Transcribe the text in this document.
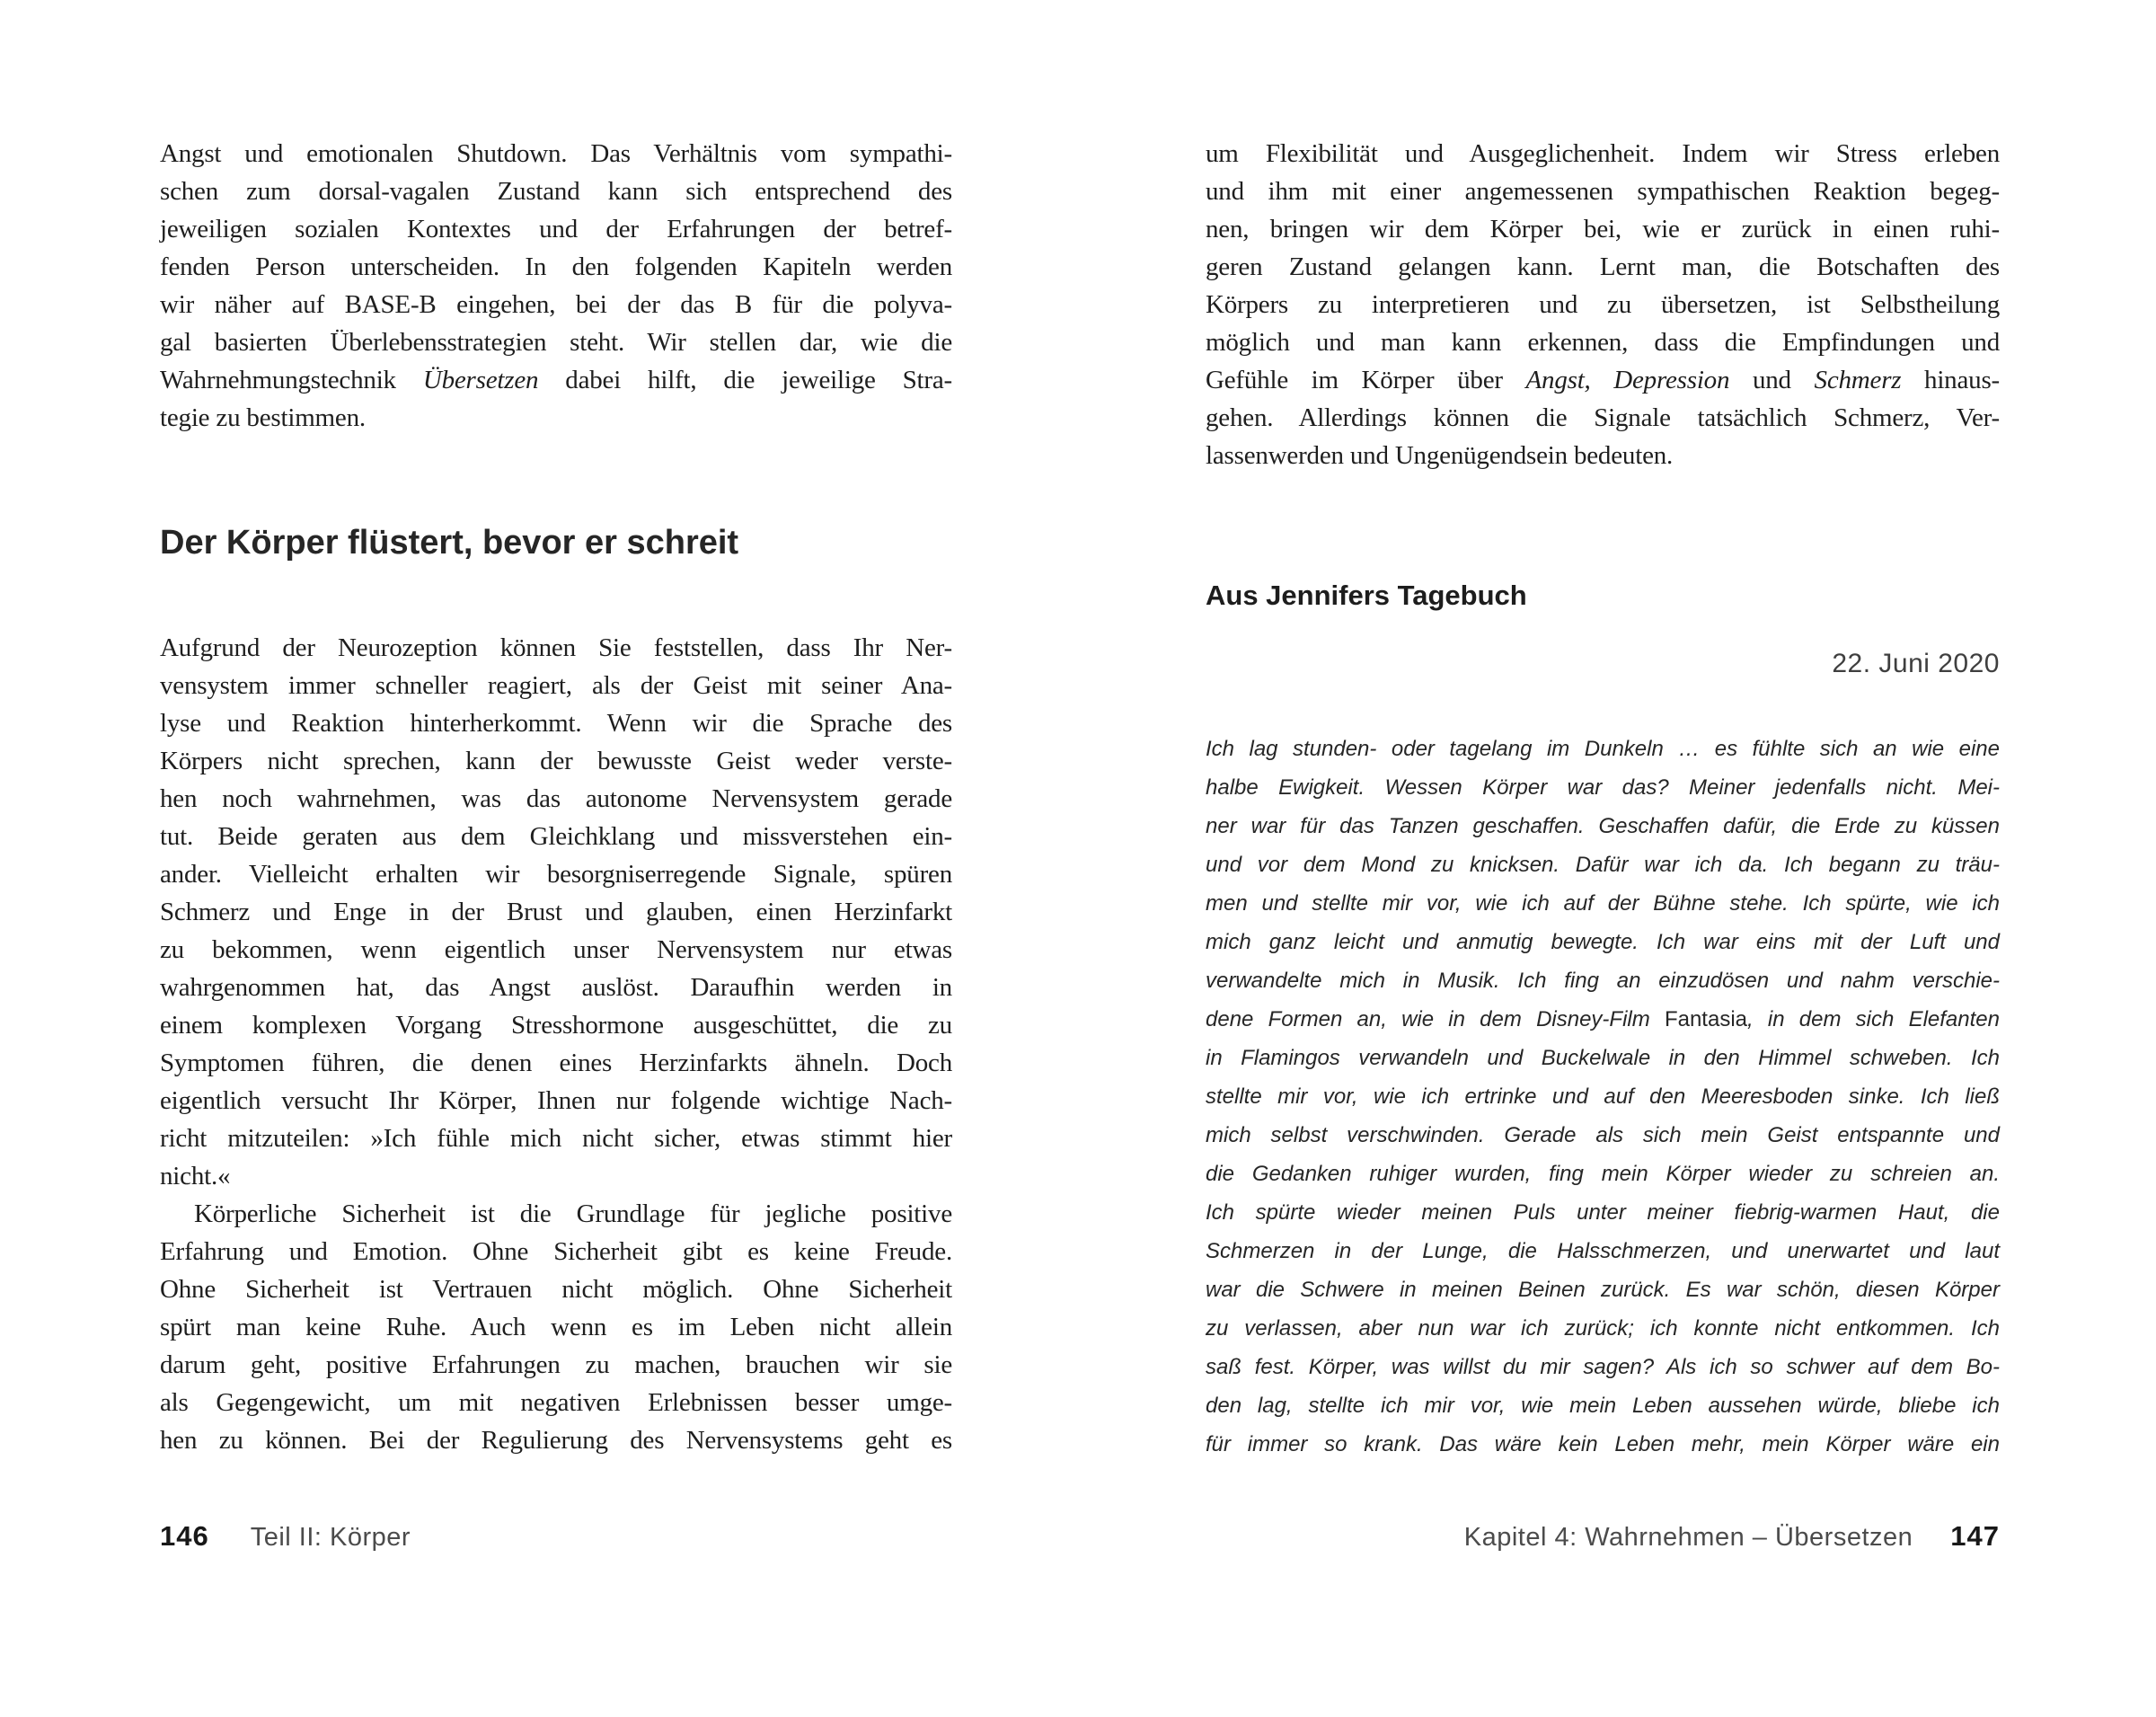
Angst und emotionalen Shutdown. Das Verhältnis vom sympathi-
schen zum dorsal-vagalen Zustand kann sich entsprechend des
jeweiligen sozialen Kontextes und der Erfahrungen der betref-
fenden Person unterscheiden. In den folgenden Kapiteln werden
wir näher auf BASE-B eingehen, bei der das B für die polyva-
gal basierten Überlebensstrategien steht. Wir stellen dar, wie die
Wahrnehmungstechnik Übersetzen dabei hilft, die jeweilige Stra-
tegie zu bestimmen.
Der Körper flüstert, bevor er schreit
Aufgrund der Neurozeption können Sie feststellen, dass Ihr Ner-
vensystem immer schneller reagiert, als der Geist mit seiner Ana-
lyse und Reaktion hinterherkommt. Wenn wir die Sprache des
Körpers nicht sprechen, kann der bewusste Geist weder verste-
hen noch wahrnehmen, was das autonome Nervensystem gerade
tut. Beide geraten aus dem Gleichklang und missverstehen ein-
ander. Vielleicht erhalten wir besorgniserregende Signale, spüren
Schmerz und Enge in der Brust und glauben, einen Herzinfarkt
zu bekommen, wenn eigentlich unser Nervensystem nur etwas
wahrgenommen hat, das Angst auslöst. Daraufhin werden in
einem komplexen Vorgang Stresshormone ausgeschüttet, die zu
Symptomen führen, die denen eines Herzinfarkts ähneln. Doch
eigentlich versucht Ihr Körper, Ihnen nur folgende wichtige Nach-
richt mitzuteilen: »Ich fühle mich nicht sicher, etwas stimmt hier
nicht.«
Körperliche Sicherheit ist die Grundlage für jegliche positive
Erfahrung und Emotion. Ohne Sicherheit gibt es keine Freude.
Ohne Sicherheit ist Vertrauen nicht möglich. Ohne Sicherheit
spürt man keine Ruhe. Auch wenn es im Leben nicht allein
darum geht, positive Erfahrungen zu machen, brauchen wir sie
als Gegengewicht, um mit negativen Erlebnissen besser umge-
hen zu können. Bei der Regulierung des Nervensystems geht es
146 Teil II: Körper
um Flexibilität und Ausgeglichenheit. Indem wir Stress erleben
und ihm mit einer angemessenen sympathischen Reaktion begeg-
nen, bringen wir dem Körper bei, wie er zurück in einen ruhi-
geren Zustand gelangen kann. Lernt man, die Botschaften des
Körpers zu interpretieren und zu übersetzen, ist Selbstheilung
möglich und man kann erkennen, dass die Empfindungen und
Gefühle im Körper über Angst, Depression und Schmerz hinaus-
gehen. Allerdings können die Signale tatsächlich Schmerz, Ver-
lassenwerden und Ungenügendsein bedeuten.
Aus Jennifers Tagebuch
22. Juni 2020
Ich lag stunden- oder tagelang im Dunkeln … es fühlte sich an wie eine
halbe Ewigkeit. Wessen Körper war das? Meiner jedenfalls nicht. Mei-
ner war für das Tanzen geschaffen. Geschaffen dafür, die Erde zu küssen
und vor dem Mond zu knicksen. Dafür war ich da. Ich begann zu träu-
men und stellte mir vor, wie ich auf der Bühne stehe. Ich spürte, wie ich
mich ganz leicht und anmutig bewegte. Ich war eins mit der Luft und
verwandelte mich in Musik. Ich fing an einzudösen und nahm verschie-
dene Formen an, wie in dem Disney-Film Fantasia, in dem sich Elefanten
in Flamingos verwandeln und Buckelwale in den Himmel schweben. Ich
stellte mir vor, wie ich ertrinke und auf den Meeresboden sinke. Ich ließ
mich selbst verschwinden. Gerade als sich mein Geist entspannte und
die Gedanken ruhiger wurden, fing mein Körper wieder zu schreien an.
Ich spürte wieder meinen Puls unter meiner fiebrig-warmen Haut, die
Schmerzen in der Lunge, die Halsschmerzen, und unerwartet und laut
war die Schwere in meinen Beinen zurück. Es war schön, diesen Körper
zu verlassen, aber nun war ich zurück; ich konnte nicht entkommen. Ich
saß fest. Körper, was willst du mir sagen? Als ich so schwer auf dem Bo-
den lag, stellte ich mir vor, wie mein Leben aussehen würde, bliebe ich
für immer so krank. Das wäre kein Leben mehr, mein Körper wäre ein
Kapitel 4: Wahrnehmen – Übersetzen 147
